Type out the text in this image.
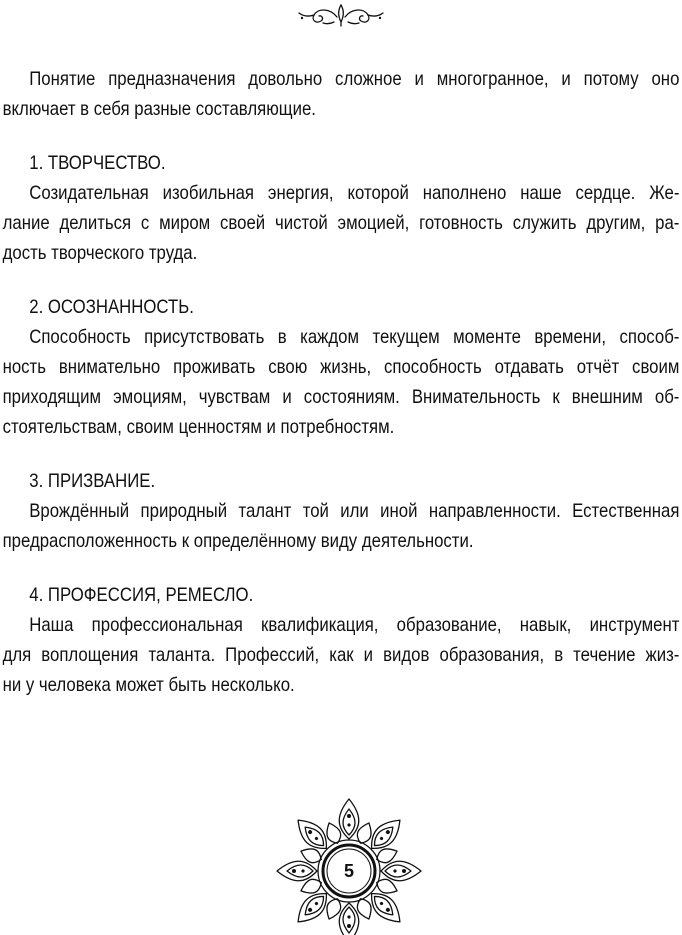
Понятие предназначения довольно сложное и многогранное, и потому оно
включает в себя разные составляющие.
1. ТВОРЧЕСТВО.
Созидательная изобильная энергия, которой наполнено наше сердце. Же-
лание делиться с миром своей чистой эмоцией, готовность служить другим, ра-
дость творческого труда.
2. ОСОЗНАННОСТЬ.
Способность присутствовать в каждом текущем моменте времени, способ-
ность внимательно проживать свою жизнь, способность отдавать отчёт своим
приходящим эмоциям, чувствам и состояниям. Внимательность к внешним об-
стоятельствам, своим ценностям и потребностям.
3. ПРИЗВАНИЕ.
Врождённый природный талант той или иной направленности. Естественная
предрасположенность к определённому виду деятельности.
4. ПРОФЕССИЯ, РЕМЕСЛО.
Наша профессиональная квалификация, образование, навык, инструмент
для воплощения таланта. Профессий, как и видов образования, в течение жиз-
ни у человека может быть несколько.
5
